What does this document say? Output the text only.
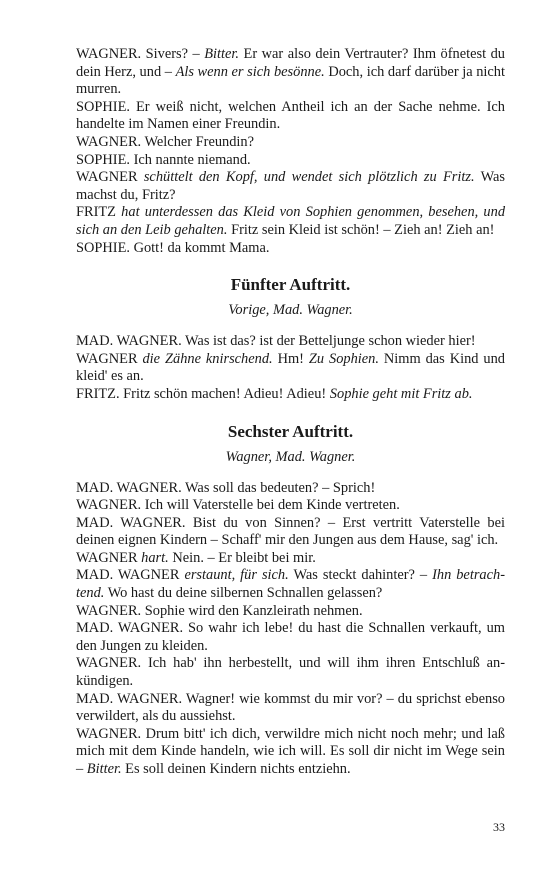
WAGNER. Sivers? – Bitter. Er war also dein Vertrauter? Ihm öfnetest du dein Herz, und – Als wenn er sich besönne. Doch, ich darf darüber ja nicht murren.

SOPHIE. Er weiß nicht, welchen Antheil ich an der Sache nehme. Ich handelte im Namen einer Freundin.

WAGNER. Welcher Freundin?

SOPHIE. Ich nannte niemand.

WAGNER schüttelt den Kopf, und wendet sich plötzlich zu Fritz. Was machst du, Fritz?

FRITZ hat unterdessen das Kleid von Sophien genommen, besehen, und sich an den Leib gehalten. Fritz sein Kleid ist schön! – Zieh an! Zieh an!

SOPHIE. Gott! da kommt Mama.

Fünfter Auftritt.

Vorige, Mad. Wagner.

MAD. WAGNER. Was ist das? ist der Betteljunge schon wieder hier!

WAGNER die Zähne knirschend. Hm! Zu Sophien. Nimm das Kind und kleid' es an.

FRITZ. Fritz schön machen! Adieu! Adieu! Sophie geht mit Fritz ab.

Sechster Auftritt.

Wagner, Mad. Wagner.

MAD. WAGNER. Was soll das bedeuten? – Sprich!

WAGNER. Ich will Vaterstelle bei dem Kinde vertreten.

MAD. WAGNER. Bist du von Sinnen? – Erst vertritt Vaterstelle bei deinen eignen Kindern – Schaff' mir den Jungen aus dem Hause, sag' ich.

WAGNER hart. Nein. – Er bleibt bei mir.

MAD. WAGNER erstaunt, für sich. Was steckt dahinter? – Ihn betrachtend. Wo hast du deine silbernen Schnallen gelassen?

WAGNER. Sophie wird den Kanzleirath nehmen.

MAD. WAGNER. So wahr ich lebe! du hast die Schnallen verkauft, um den Jungen zu kleiden.

WAGNER. Ich hab' ihn herbestellt, und will ihm ihren Entschluß ankündigen.

MAD. WAGNER. Wagner! wie kommst du mir vor? – du sprichst ebenso verwildert, als du aussiehst.

WAGNER. Drum bitt' ich dich, verwildre mich nicht noch mehr; und laß mich mit dem Kinde handeln, wie ich will. Es soll dir nicht im Wege sein – Bitter. Es soll deinen Kindern nichts entziehn.

33
